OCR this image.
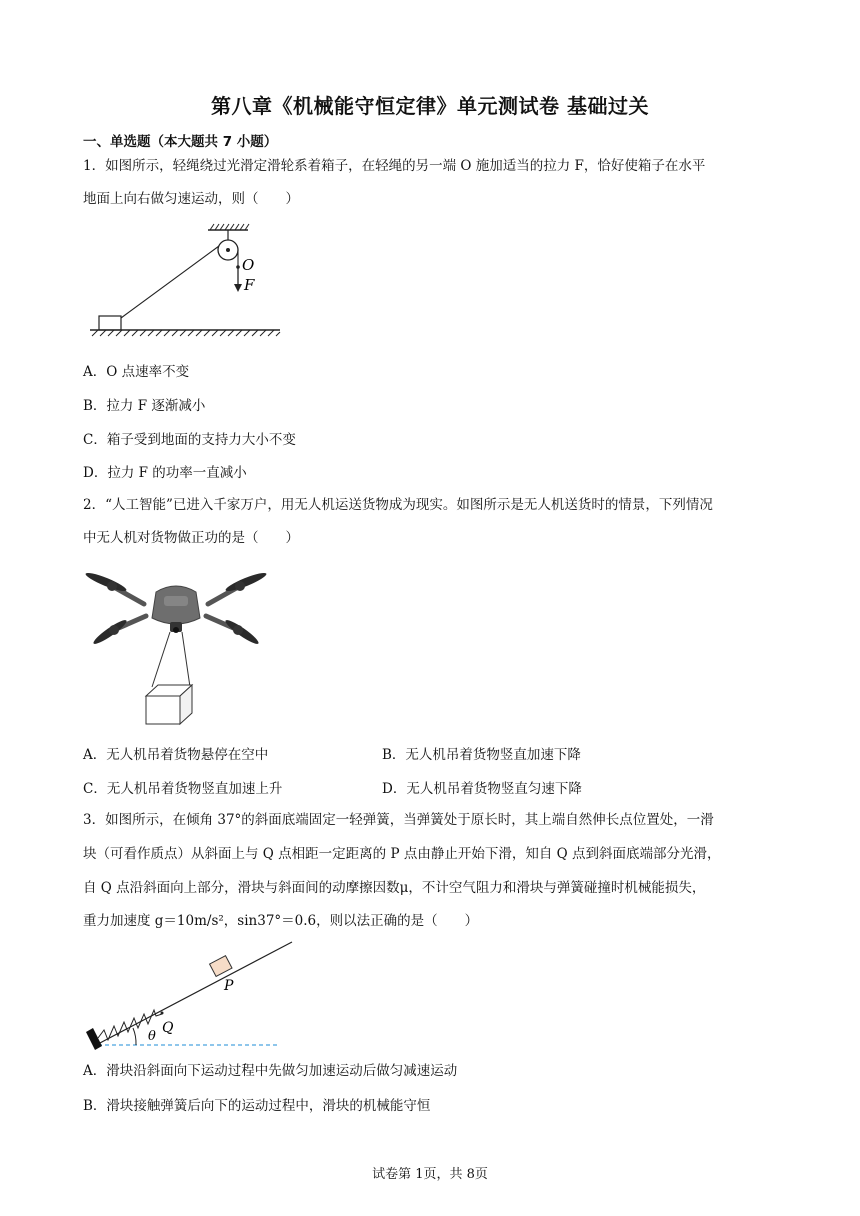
第八章《机械能守恒定律》单元测试卷 基础过关
一、单选题（本大题共 7 小题）
1．如图所示，轻绳绕过光滑定滑轮系着箱子，在轻绳的另一端 O 施加适当的拉力 F，恰好使箱子在水平
地面上向右做匀速运动，则（　　）
O
F
A．O 点速率不变
B．拉力 F 逐渐减小
C．箱子受到地面的支持力大小不变
D．拉力 F 的功率一直减小
2．“人工智能”已进入千家万户，用无人机运送货物成为现实。如图所示是无人机送货时的情景，下列情况
中无人机对货物做正功的是（　　）
A．无人机吊着货物悬停在空中	B．无人机吊着货物竖直加速下降
C．无人机吊着货物竖直加速上升	D．无人机吊着货物竖直匀速下降
3．如图所示，在倾角 37°的斜面底端固定一轻弹簧，当弹簧处于原长时，其上端自然伸长点位置处，一滑
块（可看作质点）从斜面上与 Q 点相距一定距离的 P 点由静止开始下滑，知自 Q 点到斜面底端部分光滑，
自 Q 点沿斜面向上部分，滑块与斜面间的动摩擦因数μ，不计空气阻力和滑块与弹簧碰撞时机械能损失，
重力加速度 g＝10m/s²，sin37°＝0.6，则以法正确的是（　　）
Q
θ
P
A．滑块沿斜面向下运动过程中先做匀加速运动后做匀减速运动
B．滑块接触弹簧后向下的运动过程中，滑块的机械能守恒
试卷第 1页，共 8页
